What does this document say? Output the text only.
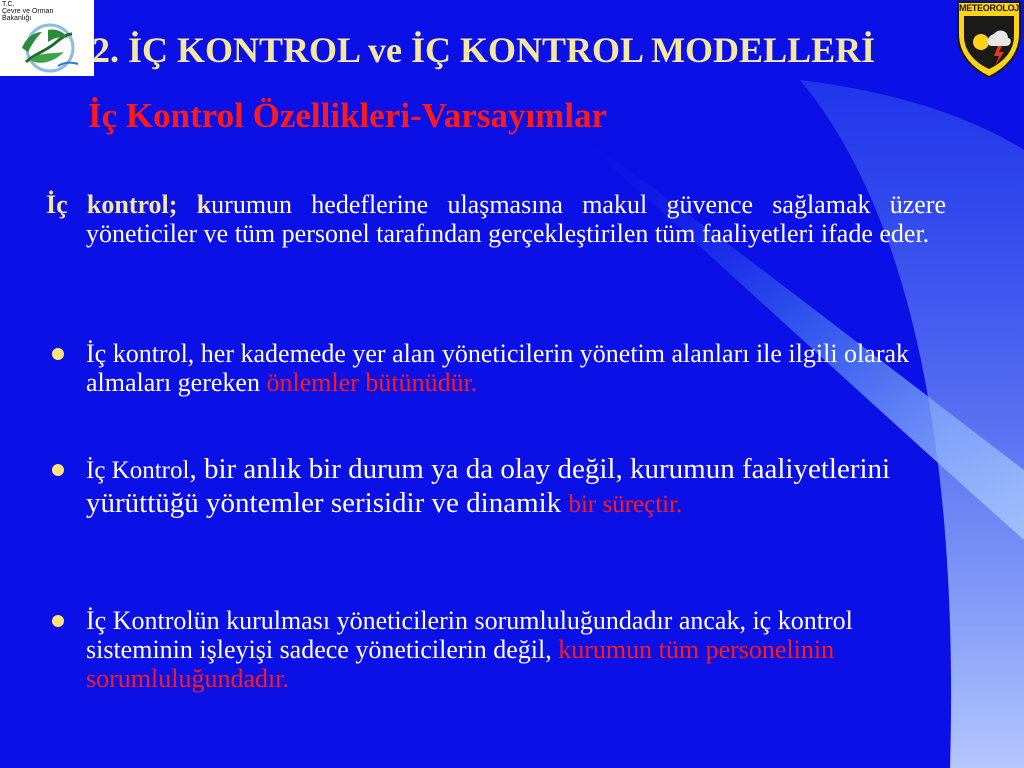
T.C.
Çevre ve Orman
Bakanlığı
METEOROLOJİ
2. İÇ KONTROL ve İÇ KONTROL MODELLERİ
İç Kontrol Özellikleri-Varsayımlar

İç kontrol; kurumun hedeflerine ulaşmasına makul güvence sağlamak üzere yöneticiler ve tüm personel tarafından gerçekleştirilen tüm faaliyetleri ifade eder.

İç kontrol, her kademede yer alan yöneticilerin yönetim alanları ile ilgili olarak almaları gereken önlemler bütünüdür.
İç Kontrol, bir anlık bir durum ya da olay değil, kurumun faaliyetlerini yürüttüğü yöntemler serisidir ve dinamik bir süreçtir.
İç Kontrolün kurulması yöneticilerin sorumluluğundadır ancak, iç kontrol sisteminin işleyişi sadece yöneticilerin değil, kurumun tüm personelinin sorumluluğundadır.
